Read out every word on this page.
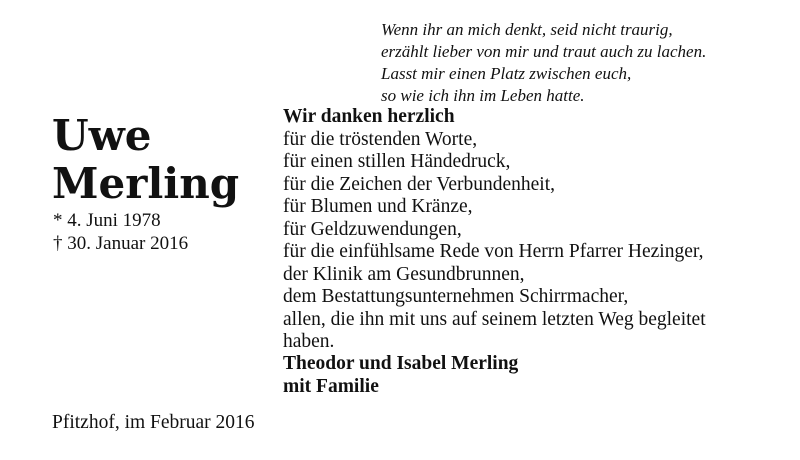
Wenn ihr an mich denkt, seid nicht traurig,
erzählt lieber von mir und traut auch zu lachen.
Lasst mir einen Platz zwischen euch,
so wie ich ihn im Leben hatte.
Uwe
Merling
* 4. Juni 1978
† 30. Januar 2016
Wir danken herzlich
für die tröstenden Worte,
für einen stillen Händedruck,
für die Zeichen der Verbundenheit,
für Blumen und Kränze,
für Geldzuwendungen,
für die einfühlsame Rede von Herrn Pfarrer Hezinger,
der Klinik am Gesundbrunnen,
dem Bestattungsunternehmen Schirrmacher,
allen, die ihn mit uns auf seinem letzten Weg begleitet
haben.
Theodor und Isabel Merling
mit Familie
Pfitzhof, im Februar 2016
